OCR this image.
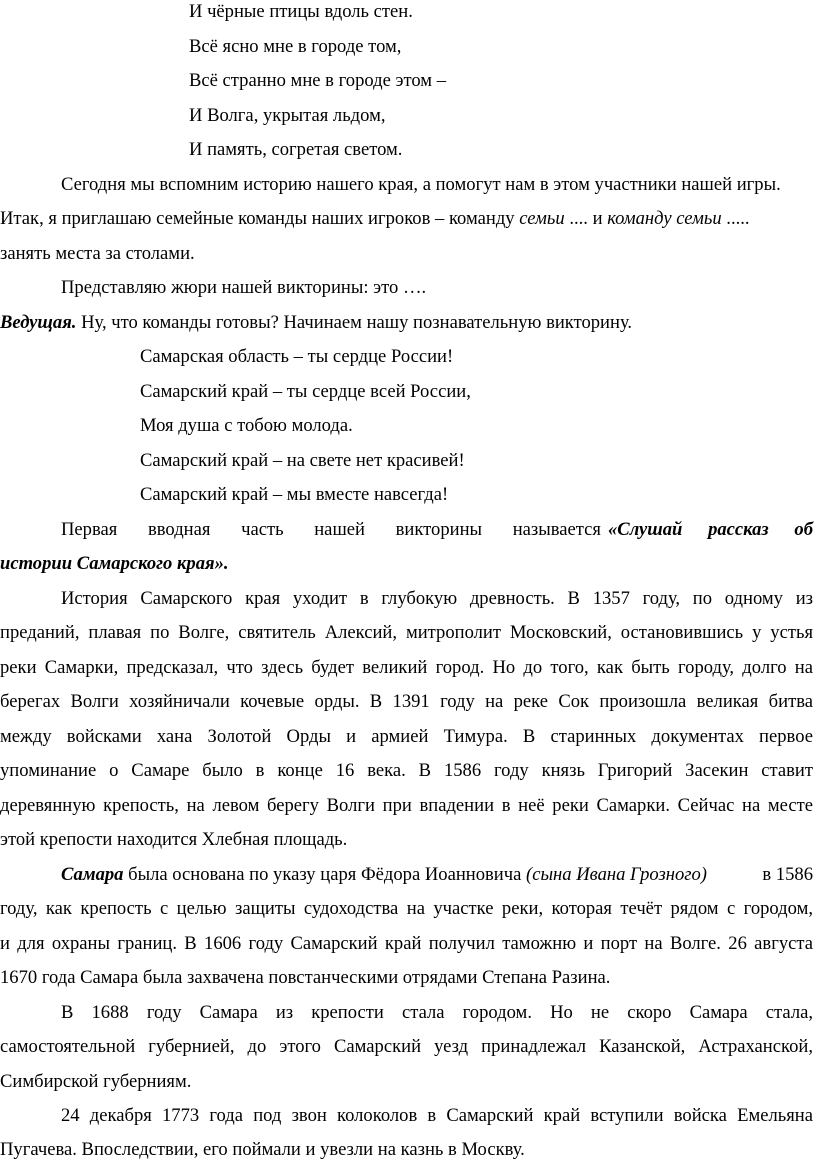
И чёрные птицы вдоль стен.
Всё ясно мне в городе том,
Всё странно мне в городе этом –
И Волга, укрытая льдом,
И память, согретая светом.
Сегодня мы вспомним историю нашего края, а помогут нам в этом участники нашей игры.
Итак, я приглашаю семейные команды наших игроков – команду семьи .... и команду семьи .....
занять места за столами.
Представляю жюри нашей викторины: это ….
Ведущая. Ну, что команды готовы? Начинаем нашу познавательную викторину.
Самарская область – ты сердце России!
Самарский край – ты сердце всей России,
Моя душа с тобою молода.
Самарский край – на свете нет красивей!
Самарский край – мы вместе навсегда!
Первая вводная часть нашей викторины называется «Слушай рассказ об
истории Самарского края».
История Самарского края уходит в глубокую древность. В 1357 году, по одному из
преданий, плавая по Волге, святитель Алексий, митрополит Московский, остановившись у устья
реки Самарки, предсказал, что здесь будет великий город. Но до того, как быть городу, долго на
берегах Волги хозяйничали кочевые орды. В 1391 году на реке Сок произошла великая битва
между войсками хана Золотой Орды и армией Тимура. В старинных документах первое
упоминание о Самаре было в конце 16 века. В 1586 году князь Григорий Засекин ставит
деревянную крепость, на левом берегу Волги при впадении в неё реки Самарки. Сейчас на месте
этой крепости находится Хлебная площадь.
Самара была основана по указу царя Фёдора Иоанновича (сына Ивана Грозного)	в 1586
году, как крепость с целью защиты судоходства на участке реки, которая течёт рядом с городом,
и для охраны границ. В 1606 году Самарский край получил таможню и порт на Волге. 26 августа
1670 года Самара была захвачена повстанческими отрядами Степана Разина.
В 1688 году Самара из крепости стала городом. Но не скоро Самара стала,
самостоятельной губернией, до этого Самарский уезд принадлежал Казанской, Астраханской,
Симбирской губерниям.
24 декабря 1773 года под звон колоколов в Самарский край вступили войска Емельяна
Пугачева. Впоследствии, его поймали и увезли на казнь в Москву.
